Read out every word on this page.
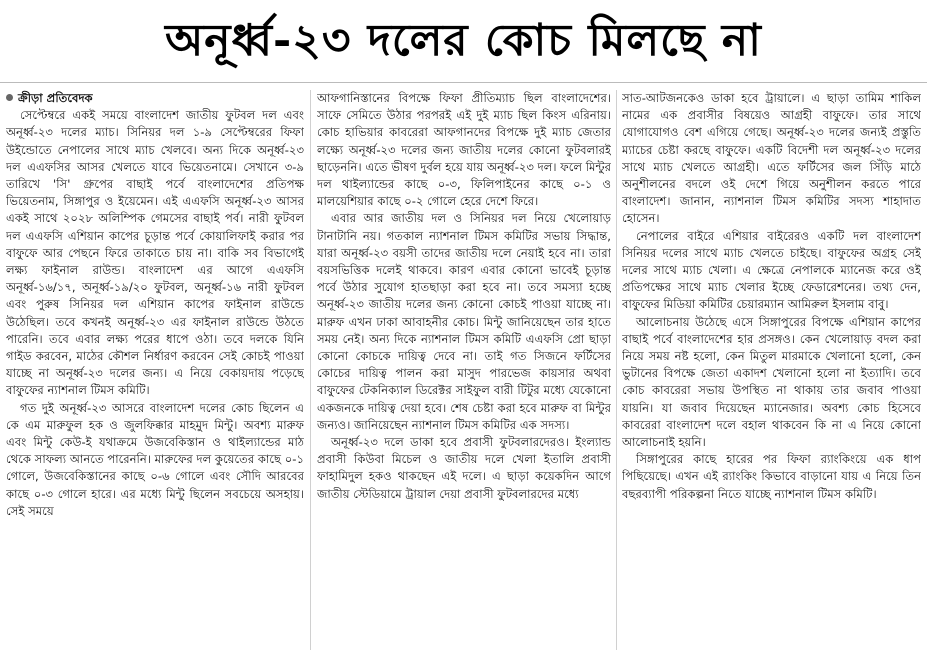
অনূর্ধ্ব-২৩ দলের কোচ মিলছে না
ক্রীড়া প্রতিবেদক

সেপ্টেম্বরে একই সময়ে বাংলাদেশ জাতীয় ফুটবল দল এবং অনূর্ধ্ব-২৩ দলের ম্যাচ। সিনিয়র দল ১-৯ সেপ্টেম্বরের ফিফা উইন্ডোতে নেপালের সাথে ম্যাচ খেলবে। অন্য দিকে অনূর্ধ্ব-২৩ দল এএফসির আসর খেলতে যাবে ভিয়েতনামে। সেখানে ৩-৯ তারিখে 'সি' গ্রুপের বাছাই পর্বে বাংলাদেশের প্রতিপক্ষ ভিয়েতনাম, সিঙ্গাপুর ও ইয়েমেন। এই এএফসি অনূর্ধ্ব-২৩ আসর একই সাথে ২০২৮ অলিম্পিক গেমসের বাছাই পর্ব। নারী ফুটবল দল এএফসি এশিয়ান কাপের চূড়ান্ত পর্বে কোয়ালিফাই করার পর বাফুফে আর পেছনে ফিরে তাকাতে চায় না। বাকি সব বিভাগেই লক্ষ্য ফাইনাল রাউন্ড। বাংলাদেশ এর আগে এএফসি অনূর্ধ্ব-১৬/১৭, অনূর্ধ্ব-১৯/২০ ফুটবল, অনূর্ধ্ব-১৬ নারী ফুটবল এবং পুরুষ সিনিয়র দল এশিয়ান কাপের ফাইনাল রাউন্ডে উঠেছিল। তবে কখনই অনূর্ধ্ব-২৩ এর ফাইনাল রাউন্ডে উঠতে পারেনি। তবে এবার লক্ষ্য পরের ধাপে ওঠা। তবে দলকে যিনি গাইড করবেন, মাঠের কৌশল নির্ধারণ করবেন সেই কোচই পাওয়া যাচ্ছে না অনূর্ধ্ব-২৩ দলের জন্য। এ নিয়ে বেকায়দায় পড়েছে বাফুফের ন্যাশনাল টিমস কমিটি।

গত দুই অনূর্ধ্ব-২৩ আসরে বাংলাদেশ দলের কোচ ছিলেন এ কে এম মারুফুল হক ও জুলফিক্কার মাহমুদ মিন্টু। অবশ্য মারুফ এবং মিন্টু কেউ-ই যথাক্রমে উজবেকিস্তান ও থাইল্যান্ডের মাঠ থেকে সাফল্য আনতে পারেননি। মারুফের দল কুয়েতের কাছে ০-১ গোলে, উজবেকিস্তানের কাছে ০-৬ গোলে এবং সৌদি আরবের কাছে ০-৩ গোলে হারে। এর মধ্যে মিন্টু ছিলেন সবচেয়ে অসহায়। সেই সময়ে

আফগানিস্তানের বিপক্ষে ফিফা প্রীতিম্যাচ ছিল বাংলাদেশের। সাফে সেমিতে উঠার পরপরই এই দুই ম্যাচ ছিল কিংস এরিনায়। কোচ হাভিয়ার কাবরেরা আফগানদের বিপক্ষে দুই ম্যাচ জেতার লক্ষ্যে অনূর্ধ্ব-২৩ দলের জন্য জাতীয় দলের কোনো ফুটবলারই ছাড়েননি। এতে ভীষণ দুর্বল হয়ে যায় অনূর্ধ্ব-২৩ দল। ফলে মিন্টুর দল থাইল্যান্ডের কাছে ০-৩, ফিলিপাইনের কাছে ০-১ ও মালয়েশিয়ার কাছে ০-২ গোলে হেরে দেশে ফিরে।

এবার আর জাতীয় দল ও সিনিয়র দল নিয়ে খেলোয়াড় টানাটানি নয়। গতকাল ন্যাশনাল টিমস কমিটির সভায় সিদ্ধান্ত, যারা অনূর্ধ্ব-২৩ বয়সী তাদের জাতীয় দলে নেয়াই হবে না। তারা বয়সভিত্তিক দলেই থাকবে। কারণ এবার কোনো ভাবেই চূড়ান্ত পর্বে উঠার সুযোগ হাতছাড়া করা হবে না। তবে সমস্যা হচ্ছে অনূর্ধ্ব-২৩ জাতীয় দলের জন্য কোনো কোচই পাওয়া যাচ্ছে না। মারুফ এখন ঢাকা আবাহনীর কোচ। মিন্টু জানিয়েছেন তার হাতে সময় নেই। অন্য দিকে ন্যাশনাল টিমস কমিটি এএফসি প্রো ছাড়া কোনো কোচকে দায়িত্ব দেবে না। তাই গত সিজনে ফর্টিসের কোচের দায়িত্ব পালন করা মাসুদ পারভেজ কায়সার অথবা বাফুফের টেকনিক্যাল ডিরেক্টর সাইফুল বারী টিটুর মধ্যে যেকোনো একজনকে দায়িত্ব দেয়া হবে। শেষ চেষ্টা করা হবে মারুফ বা মিন্টুর জন্যও। জানিয়েছেন ন্যাশনাল টিমস কমিটির এক সদস্য।

অনূর্ধ্ব-২৩ দলে ডাকা হবে প্রবাসী ফুটবলারদেরও। ইংল্যান্ড প্রবাসী কিউবা মিচেল ও জাতীয় দলে খেলা ইতালি প্রবাসী ফাহামিদুল হকও থাকছেন এই দলে। এ ছাড়া কয়েকদিন আগে জাতীয় স্টেডিয়ামে ট্রায়াল দেয়া প্রবাসী ফুটবলারদের মধ্যে

সাত-আটজনকেও ডাকা হবে ট্রায়ালে। এ ছাড়া তামিম শাকিল নামের এক প্রবাসীর বিষয়েও আগ্রহী বাফুফে। তার সাথে যোগাযোগও বেশ এগিয়ে গেছে। অনূর্ধ্ব-২৩ দলের জন্যই প্রস্তুতি ম্যাচের চেষ্টা করছে বাফুফে। একটি বিদেশী দল অনূর্ধ্ব-২৩ দলের সাথে ম্যাচ খেলতে আগ্রহী। এতে ফর্টিসের জল সিঁড়ি মাঠে অনুশীলনের বদলে ওই দেশে গিয়ে অনুশীলন করতে পারে বাংলাদেশ। জানান, ন্যাশনাল টিমস কমিটির সদস্য শাহাদাত হোসেন।

নেপালের বাইরে এশিয়ার বাইরেরও একটি দল বাংলাদেশ সিনিয়র দলের সাথে ম্যাচ খেলতে চাইছে। বাফুফের অগ্রহ সেই দলের সাথে ম্যাচ খেলা। এ ক্ষেত্রে নেপালকে ম্যানেজ করে ওই প্রতিপক্ষের সাথে ম্যাচ খেলার ইচ্ছে ফেডারেশনের। তথ্য দেন, বাফুফের মিডিয়া কমিটির চেয়ারম্যান আমিরুল ইসলাম বাবু।

আলোচনায় উঠেছে এসে সিঙ্গাপুরের বিপক্ষে এশিয়ান কাপের বাছাই পর্বে বাংলাদেশের হার প্রসঙ্গও। কেন খেলোয়াড় বদল করা নিয়ে সময় নষ্ট হলো, কেন মিতুল মারমাকে খেলানো হলো, কেন ভুটানের বিপক্ষে জেতা একাদশ খেলানো হলো না ইত্যাদি। তবে কোচ কাবরেরা সভায় উপস্থিত না থাকায় তার জবাব পাওয়া যায়নি। যা জবাব দিয়েছেন ম্যানেজার। অবশ্য কোচ হিসেবে কাবরেরা বাংলাদেশ দলে বহাল থাকবেন কি না এ নিয়ে কোনো আলোচনাই হয়নি।

সিঙ্গাপুরের কাছে হারের পর ফিফা র‌্যাংকিংয়ে এক ধাপ পিছিয়েছে। এখন এই র‌্যাংকিং কিভাবে বাড়ানো যায় এ নিয়ে তিন বছরব্যাপী পরিকল্পনা নিতে যাচ্ছে ন্যাশনাল টিমস কমিটি।
